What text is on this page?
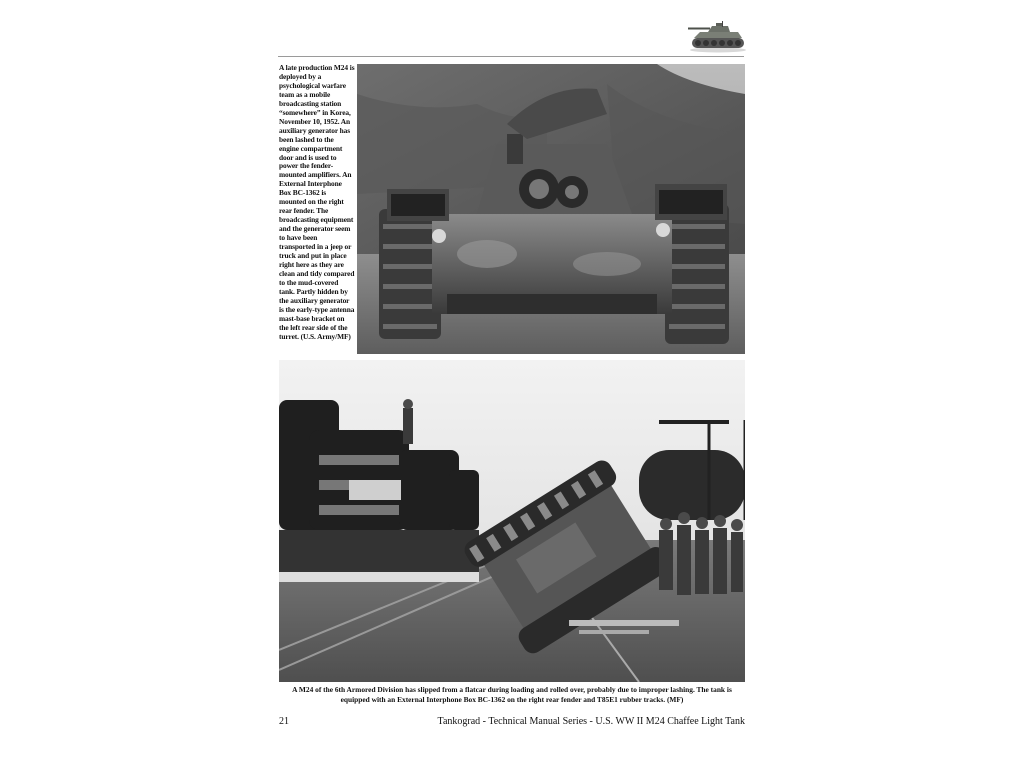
A late production M24 is deployed by a psychological warfare team as a mobile broadcasting station “somewhere” in Korea, November 10, 1952. An auxiliary generator has been lashed to the engine compartment door and is used to power the fender-mounted amplifiers. An External Interphone Box BC-1362 is mounted on the right rear fender. The broadcasting equipment and the generator seem to have been transported in a jeep or truck and put in place right here as they are clean and tidy compared to the mud-covered tank. Partly hidden by the auxiliary generator is the early-type antenna mast-base bracket on the left rear side of the turret. (U.S. Army/MF)

A M24 of the 6th Armored Division has slipped from a flatcar during loading and rolled over, probably due to improper lashing. The tank is equipped with an External Interphone Box BC-1362 on the right rear fender and T85E1 rubber tracks. (MF)

21	Tankograd - Technical Manual Series - U.S. WW II M24 Chaffee Light Tank
